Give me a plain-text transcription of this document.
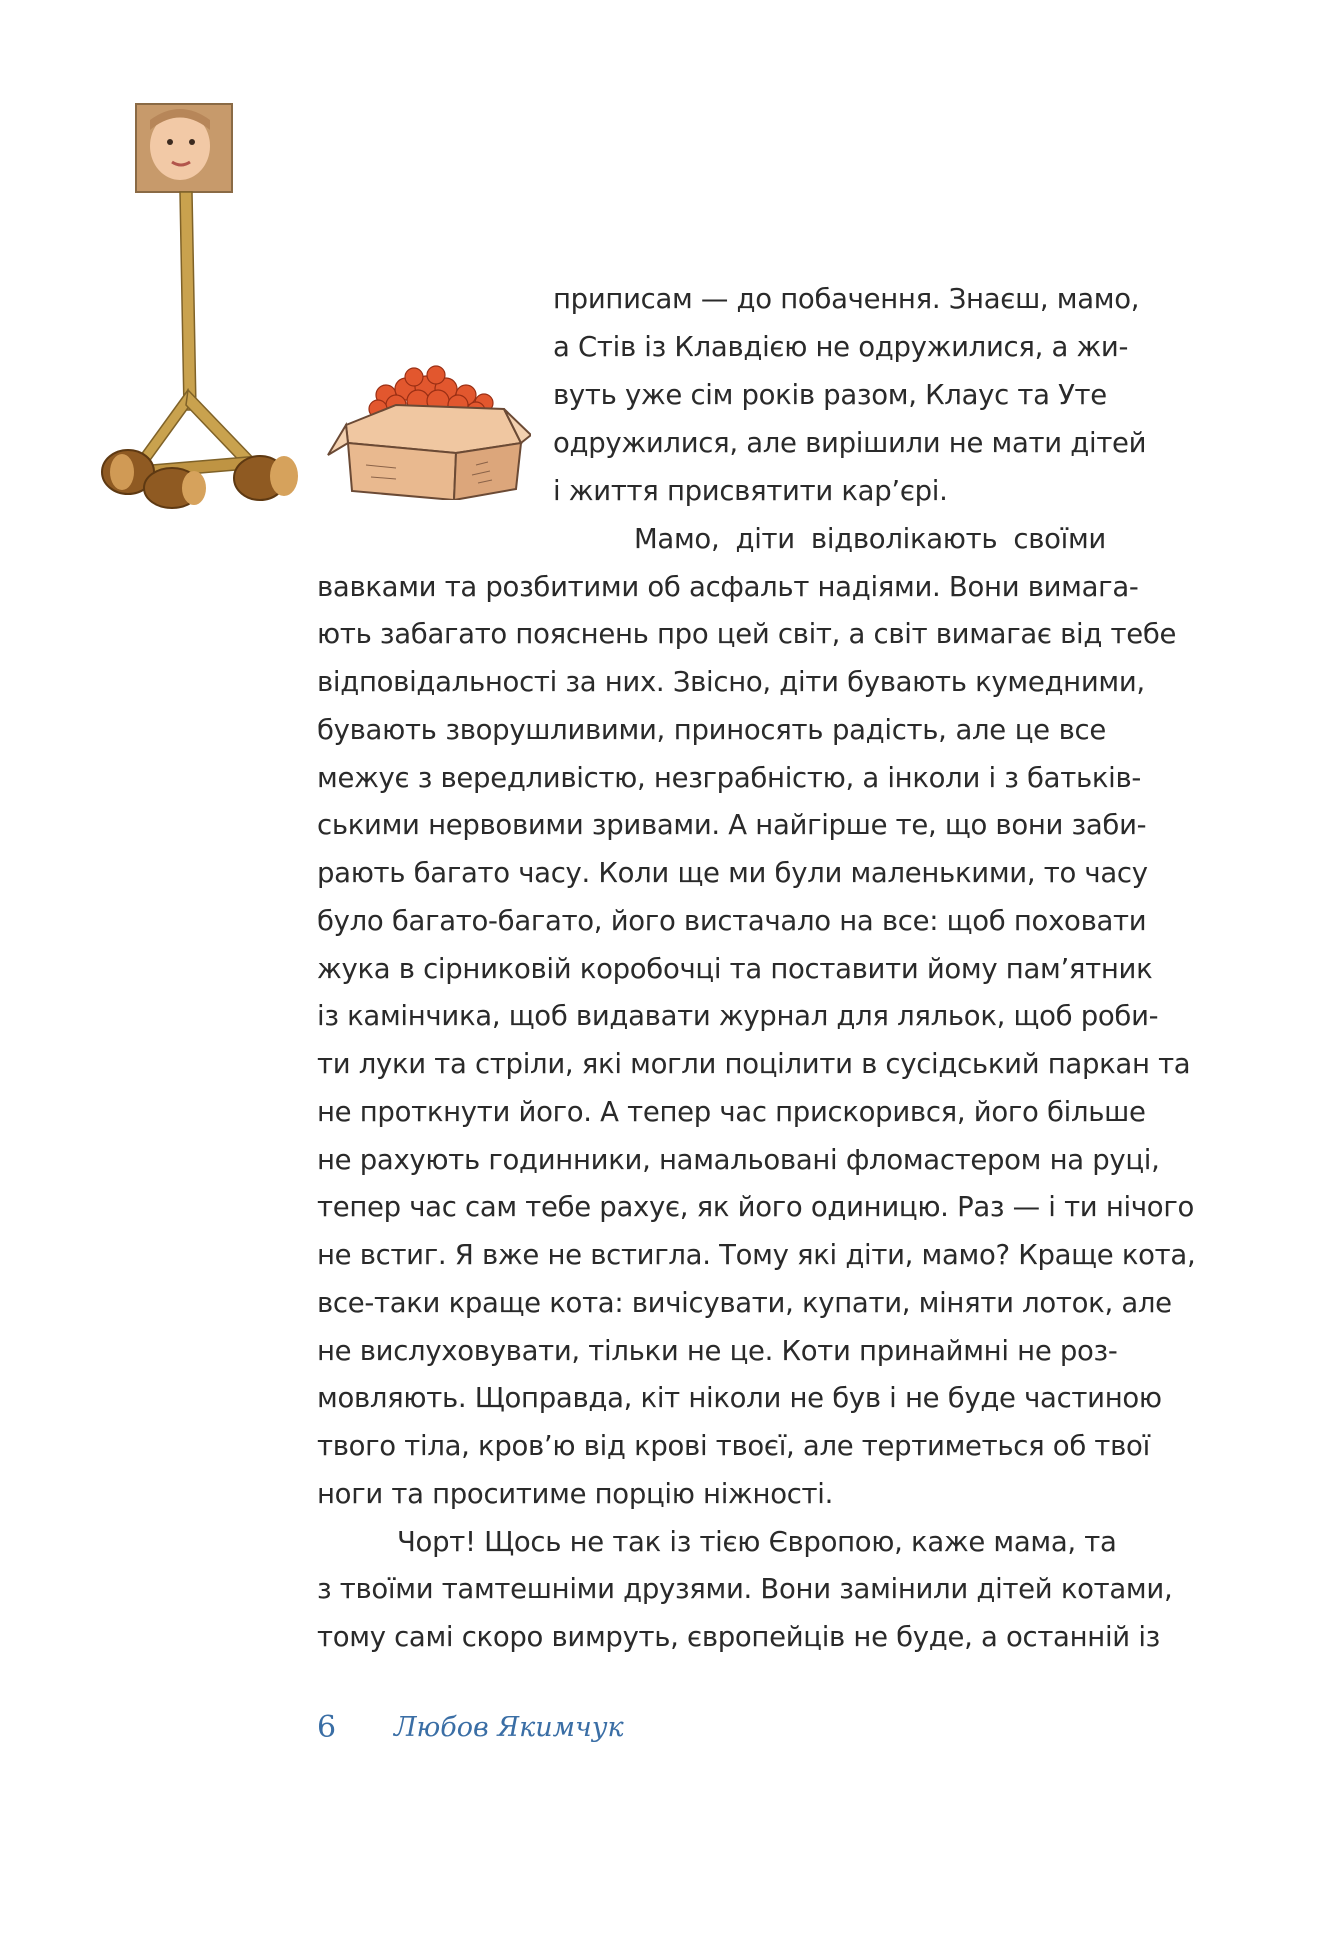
приписам — до побачення. Знаєш, мамо,
а Стів із Клавдією не одружилися, а жи-
вуть уже сім років разом, Клаус та Уте
одружилися, але вирішили не мати дітей
і життя присвятити кар’єрі.
Мамо, діти відволікають своїми
вавками та розбитими об асфальт надіями. Вони вимага-
ють забагато пояснень про цей світ, а світ вимагає від тебе
відповідальності за них. Звісно, діти бувають кумедними,
бувають зворушливими, приносять радість, але це все
межує з вередливістю, незграбністю, а інколи і з батьків-
ськими нервовими зривами. А найгірше те, що вони заби-
рають багато часу. Коли ще ми були маленькими, то часу
було багато-багато, його вистачало на все: щоб поховати
жука в сірниковій коробочці та поставити йому пам’ятник
із камінчика, щоб видавати журнал для ляльок, щоб роби-
ти луки та стріли, які могли поцілити в сусідський паркан та
не проткнути його. А тепер час прискорився, його більше
не рахують годинники, намальовані фломастером на руці,
тепер час сам тебе рахує, як його одиницю. Раз — і ти нічого
не встиг. Я вже не встигла. Тому які діти, мамо? Краще кота,
все-таки краще кота: вичісувати, купати, міняти лоток, але
не вислуховувати, тільки не це. Коти принаймні не роз-
мовляють. Щоправда, кіт ніколи не був і не буде частиною
твого тіла, кров’ю від крові твоєї, але тертиметься об твої
ноги та проситиме порцію ніжності.
Чорт! Щось не так із тією Європою, каже мама, та
з твоїми тамтешніми друзями. Вони замінили дітей котами,
тому самі скоро вимруть, європейців не буде, а останній із
6 Любов Якимчук
